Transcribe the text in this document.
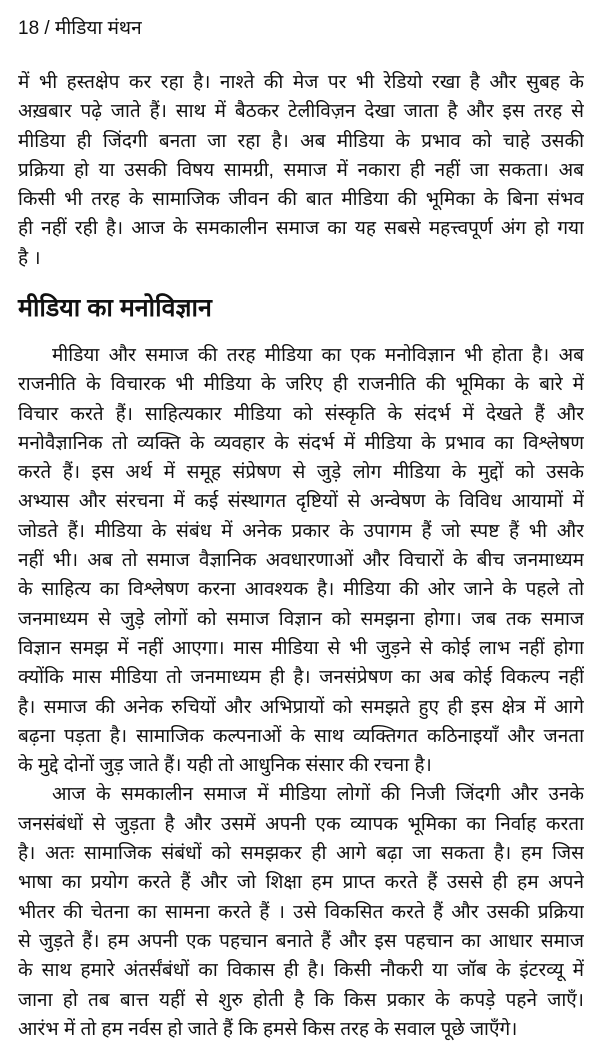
18 / मीडिया मंथन
में भी हस्तक्षेप कर रहा है। नाश्ते की मेज पर भी रेडियो रखा है और सुबह के
अख़बार पढ़े जाते हैं। साथ में बैठकर टेलीविज़न देखा जाता है और इस तरह से
मीडिया ही जिंदगी बनता जा रहा है। अब मीडिया के प्रभाव को चाहे उसकी
प्रक्रिया हो या उसकी विषय सामग्री, समाज में नकारा ही नहीं जा सकता। अब
किसी भी तरह के सामाजिक जीवन की बात मीडिया की भूमिका के बिना संभव
ही नहीं रही है। आज के समकालीन समाज का यह सबसे महत्त्वपूर्ण अंग हो गया
है ।
मीडिया का मनोविज्ञान
मीडिया और समाज की तरह मीडिया का एक मनोविज्ञान भी होता है। अब
राजनीति के विचारक भी मीडिया के जरिए ही राजनीति की भूमिका के बारे में
विचार करते हैं। साहित्यकार मीडिया को संस्कृति के संदर्भ में देखते हैं और
मनोवैज्ञानिक तो व्यक्ति के व्यवहार के संदर्भ में मीडिया के प्रभाव का विश्लेषण
करते हैं। इस अर्थ में समूह संप्रेषण से जुड़े लोग मीडिया के मुद्दों को उसके
अभ्यास और संरचना में कई संस्थागत दृष्टियों से अन्वेषण के विविध आयामों में
जोडते हैं। मीडिया के संबंध में अनेक प्रकार के उपागम हैं जो स्पष्ट हैं भी और
नहीं भी। अब तो समाज वैज्ञानिक अवधारणाओं और विचारों के बीच जनमाध्यम
के साहित्य का विश्लेषण करना आवश्यक है। मीडिया की ओर जाने के पहले तो
जनमाध्यम से जुड़े लोगों को समाज विज्ञान को समझना होगा। जब तक समाज
विज्ञान समझ में नहीं आएगा। मास मीडिया से भी जुड़ने से कोई लाभ नहीं होगा
क्योंकि मास मीडिया तो जनमाध्यम ही है। जनसंप्रेषण का अब कोई विकल्प नहीं
है। समाज की अनेक रुचियों और अभिप्रायों को समझते हुए ही इस क्षेत्र में आगे
बढ़ना पड़ता है। सामाजिक कल्पनाओं के साथ व्यक्तिगत कठिनाइयाँ और जनता
के मुद्दे दोनों जुड़ जाते हैं। यही तो आधुनिक संसार की रचना है।
आज के समकालीन समाज में मीडिया लोगों की निजी जिंदगी और उनके
जनसंबंधों से जुड़ता है और उसमें अपनी एक व्यापक भूमिका का निर्वाह करता
है। अतः सामाजिक संबंधों को समझकर ही आगे बढ़ा जा सकता है। हम जिस
भाषा का प्रयोग करते हैं और जो शिक्षा हम प्राप्त करते हैं उससे ही हम अपने
भीतर की चेतना का सामना करते हैं । उसे विकसित करते हैं और उसकी प्रक्रिया
से जुड़ते हैं। हम अपनी एक पहचान बनाते हैं और इस पहचान का आधार समाज
के साथ हमारे अंतर्संबंधों का विकास ही है। किसी नौकरी या जॉब के इंटरव्यू में
जाना हो तब बात्त यहीं से शुरु होती है कि किस प्रकार के कपड़े पहने जाएँ।
आरंभ में तो हम नर्वस हो जाते हैं कि हमसे किस तरह के सवाल पूछे जाएँगे।
